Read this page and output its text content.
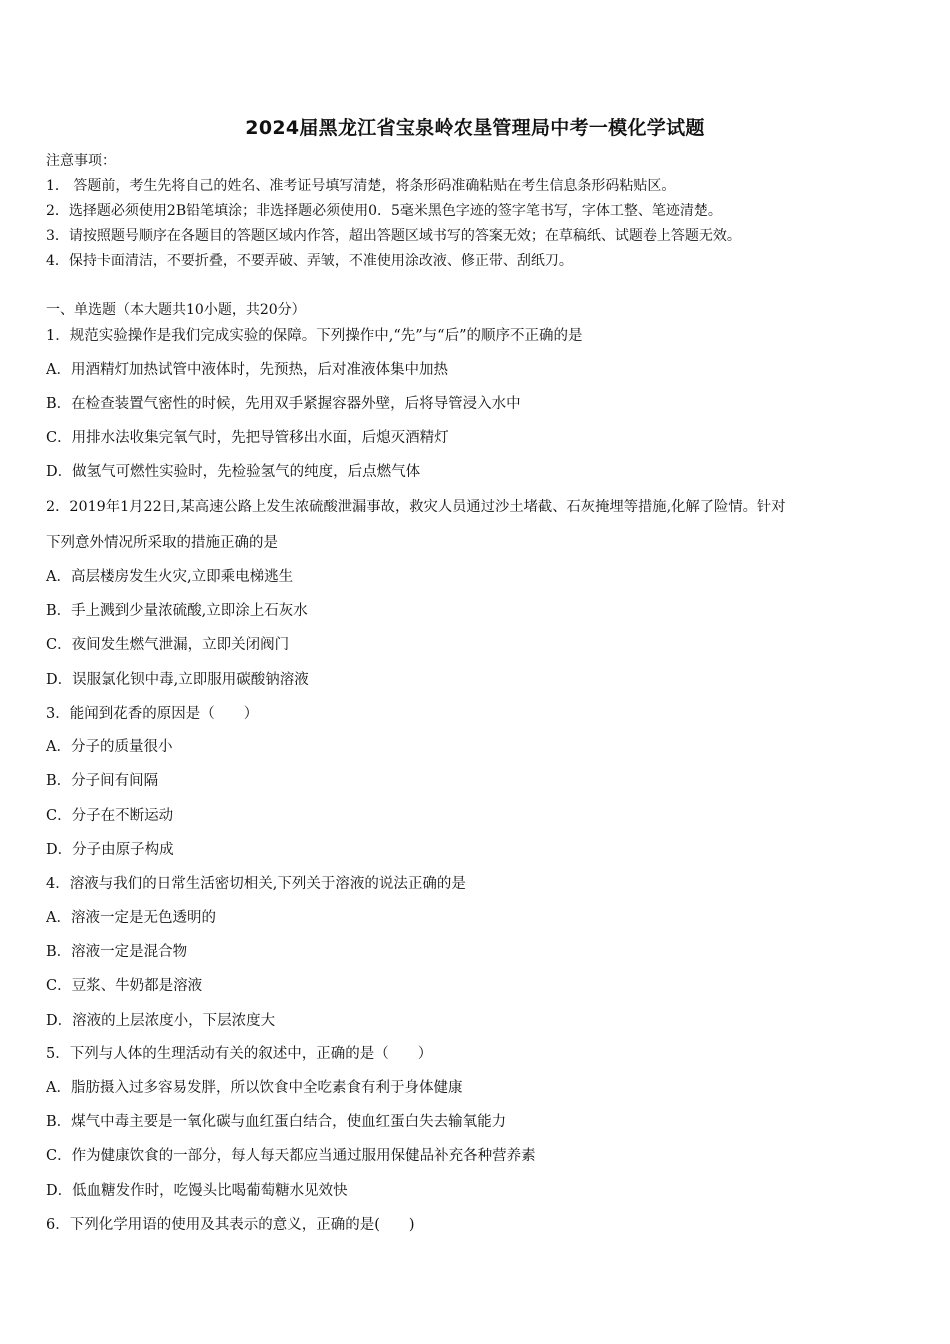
2024届黑龙江省宝泉岭农垦管理局中考一模化学试题
注意事项：
1． 答题前，考生先将自己的姓名、准考证号填写清楚，将条形码准确粘贴在考生信息条形码粘贴区。
2．选择题必须使用2B铅笔填涂；非选择题必须使用0．5毫米黑色字迹的签字笔书写，字体工整、笔迹清楚。
3．请按照题号顺序在各题目的答题区域内作答，超出答题区域书写的答案无效；在草稿纸、试题卷上答题无效。
4．保持卡面清洁，不要折叠，不要弄破、弄皱，不准使用涂改液、修正带、刮纸刀。
一、单选题（本大题共10小题，共20分）
1．规范实验操作是我们完成实验的保障。下列操作中,“先”与“后”的顺序不正确的是
A．用酒精灯加热试管中液体时，先预热，后对准液体集中加热
B．在检查装置气密性的时候，先用双手紧握容器外壁，后将导管浸入水中
C．用排水法收集完氧气时，先把导管移出水面，后熄灭酒精灯
D．做氢气可燃性实验时，先检验氢气的纯度，后点燃气体
2．2019年1月22日,某高速公路上发生浓硫酸泄漏事故，救灾人员通过沙土堵截、石灰掩埋等措施,化解了险情。针对
下列意外情况所采取的措施正确的是
A．高层楼房发生火灾,立即乘电梯逃生
B．手上溅到少量浓硫酸,立即涂上石灰水
C．夜间发生燃气泄漏，立即关闭阀门
D．误服氯化钡中毒,立即服用碳酸钠溶液
3．能闻到花香的原因是（　　）
A．分子的质量很小
B．分子间有间隔
C．分子在不断运动
D．分子由原子构成
4．溶液与我们的日常生活密切相关,下列关于溶液的说法正确的是
A．溶液一定是无色透明的
B．溶液一定是混合物
C．豆浆、牛奶都是溶液
D．溶液的上层浓度小，下层浓度大
5．下列与人体的生理活动有关的叙述中，正确的是（　　）
A．脂肪摄入过多容易发胖，所以饮食中全吃素食有利于身体健康
B．煤气中毒主要是一氧化碳与血红蛋白结合，使血红蛋白失去输氧能力
C．作为健康饮食的一部分，每人每天都应当通过服用保健品补充各种营养素
D．低血糖发作时，吃馒头比喝葡萄糖水见效快
6．下列化学用语的使用及其表示的意义，正确的是(　　)
